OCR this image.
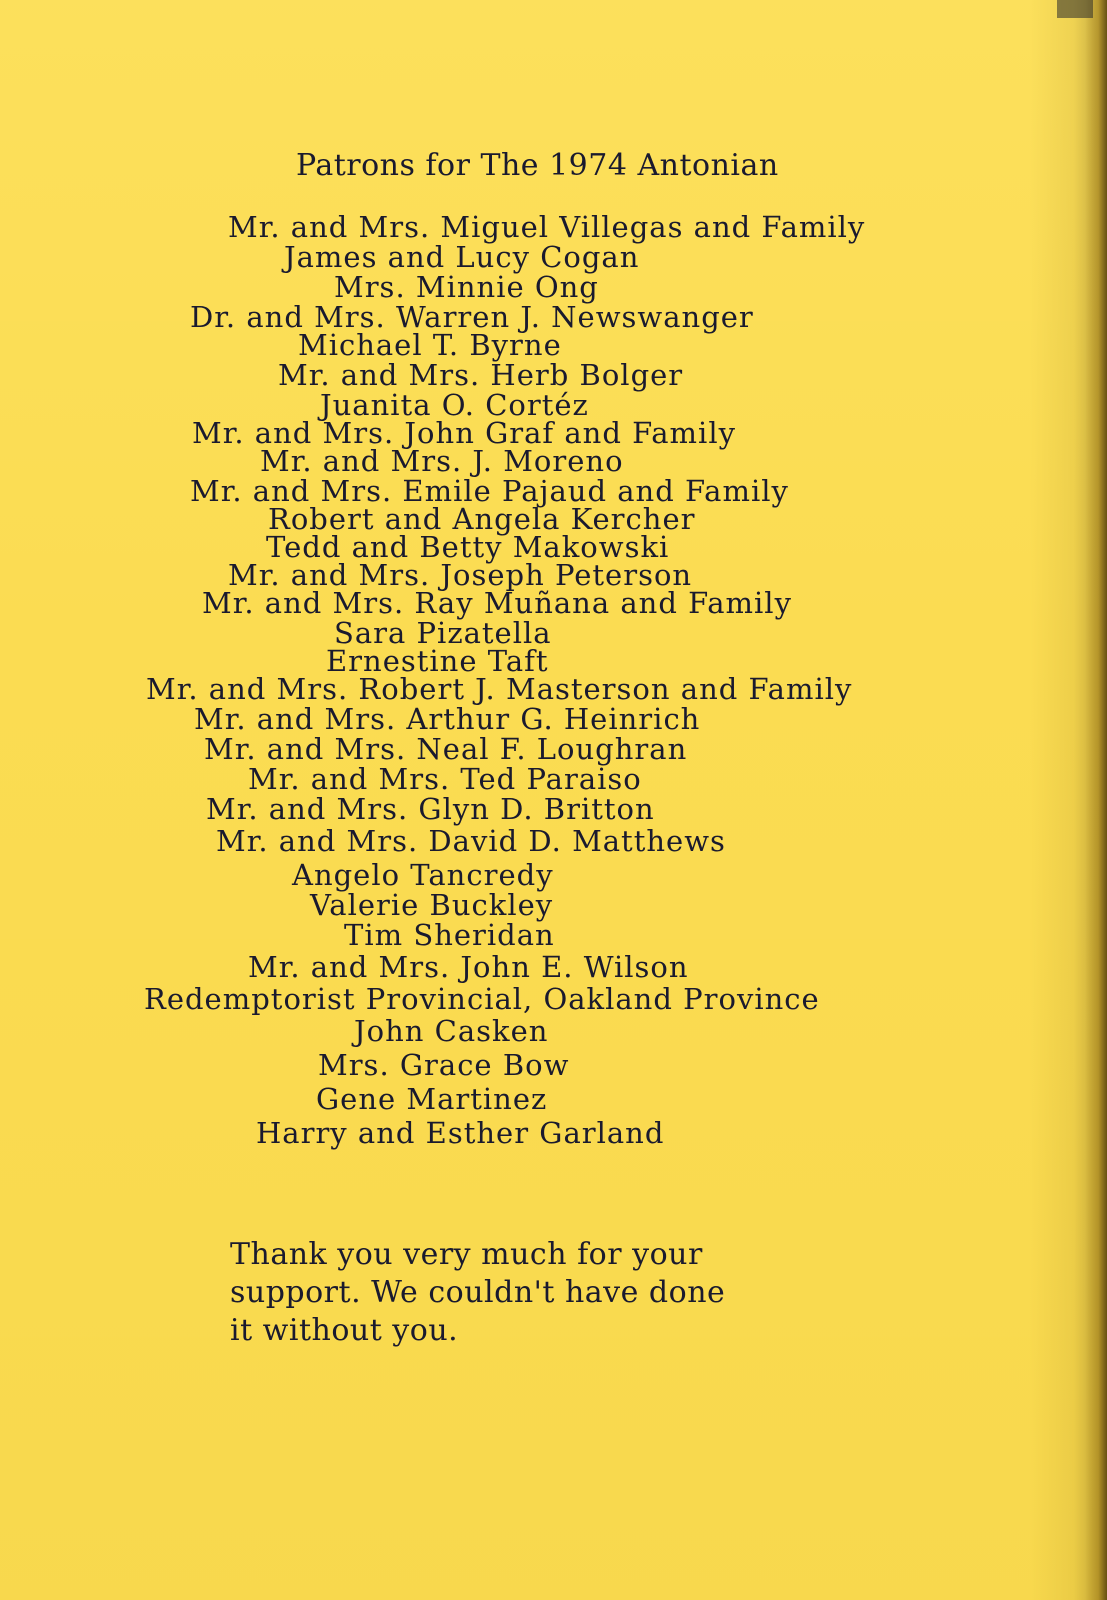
Patrons for The 1974 Antonian
Mr. and Mrs. Miguel Villegas and Family
James and Lucy Cogan
Mrs. Minnie Ong
Dr. and Mrs. Warren J. Newswanger
Michael T. Byrne
Mr. and Mrs. Herb Bolger
Juanita O. Cortéz
Mr. and Mrs. John Graf and Family
Mr. and Mrs. J. Moreno
Mr. and Mrs. Emile Pajaud and Family
Robert and Angela Kercher
Tedd and Betty Makowski
Mr. and Mrs. Joseph Peterson
Mr. and Mrs. Ray Muñana and Family
Sara Pizatella
Ernestine Taft
Mr. and Mrs. Robert J. Masterson and Family
Mr. and Mrs. Arthur G. Heinrich
Mr. and Mrs. Neal F. Loughran
Mr. and Mrs. Ted Paraiso
Mr. and Mrs. Glyn D. Britton
Mr. and Mrs. David D. Matthews
Angelo Tancredy
Valerie Buckley
Tim Sheridan
Mr. and Mrs. John E. Wilson
Redemptorist Provincial, Oakland Province
John Casken
Mrs. Grace Bow
Gene Martinez
Harry and Esther Garland
Thank you very much for your
support. We couldn't have done
it without you.
